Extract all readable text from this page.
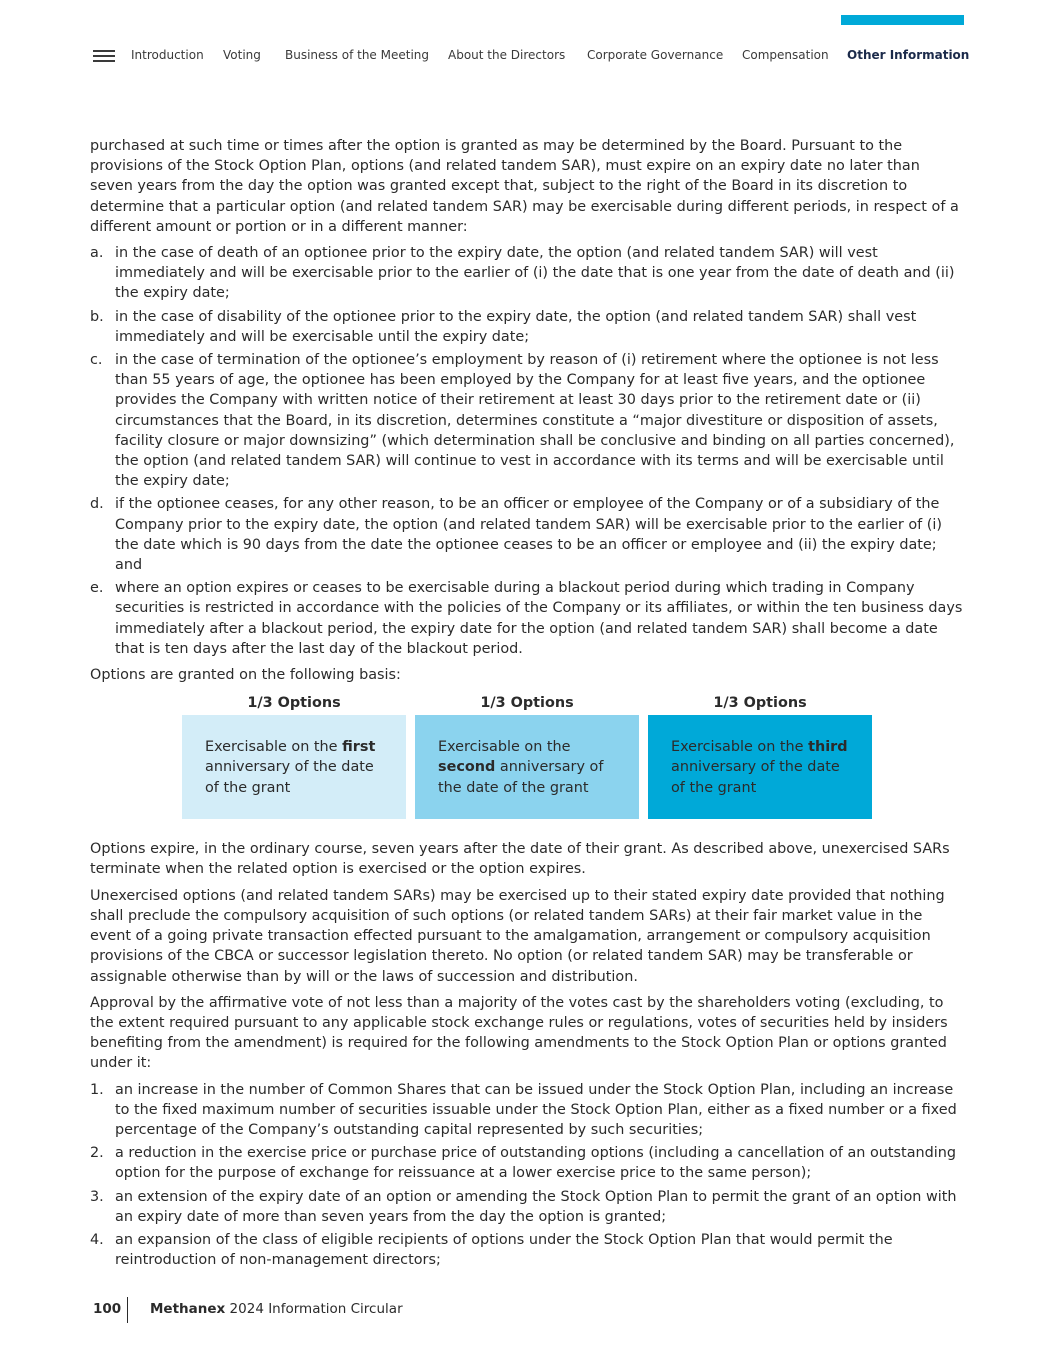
Introduction Voting Business of the Meeting About the Directors Corporate Governance Compensation Other Information

purchased at such time or times after the option is granted as may be determined by the Board. Pursuant to the provisions of the Stock Option Plan, options (and related tandem SAR), must expire on an expiry date no later than seven years from the day the option was granted except that, subject to the right of the Board in its discretion to determine that a particular option (and related tandem SAR) may be exercisable during different periods, in respect of a different amount or portion or in a different manner:

a. in the case of death of an optionee prior to the expiry date, the option (and related tandem SAR) will vest immediately and will be exercisable prior to the earlier of (i) the date that is one year from the date of death and (ii) the expiry date;
b. in the case of disability of the optionee prior to the expiry date, the option (and related tandem SAR) shall vest immediately and will be exercisable until the expiry date;
c. in the case of termination of the optionee’s employment by reason of (i) retirement where the optionee is not less than 55 years of age, the optionee has been employed by the Company for at least five years, and the optionee provides the Company with written notice of their retirement at least 30 days prior to the retirement date or (ii) circumstances that the Board, in its discretion, determines constitute a “major divestiture or disposition of assets, facility closure or major downsizing” (which determination shall be conclusive and binding on all parties concerned), the option (and related tandem SAR) will continue to vest in accordance with its terms and will be exercisable until the expiry date;
d. if the optionee ceases, for any other reason, to be an officer or employee of the Company or of a subsidiary of the Company prior to the expiry date, the option (and related tandem SAR) will be exercisable prior to the earlier of (i) the date which is 90 days from the date the optionee ceases to be an officer or employee and (ii) the expiry date; and
e. where an option expires or ceases to be exercisable during a blackout period during which trading in Company securities is restricted in accordance with the policies of the Company or its affiliates, or within the ten business days immediately after a blackout period, the expiry date for the option (and related tandem SAR) shall become a date that is ten days after the last day of the blackout period.

Options are granted on the following basis:

1/3 Options
Exercisable on the first anniversary of the date of the grant
1/3 Options
Exercisable on the second anniversary of the date of the grant
1/3 Options
Exercisable on the third anniversary of the date of the grant

Options expire, in the ordinary course, seven years after the date of their grant. As described above, unexercised SARs terminate when the related option is exercised or the option expires.

Unexercised options (and related tandem SARs) may be exercised up to their stated expiry date provided that nothing shall preclude the compulsory acquisition of such options (or related tandem SARs) at their fair market value in the event of a going private transaction effected pursuant to the amalgamation, arrangement or compulsory acquisition provisions of the CBCA or successor legislation thereto. No option (or related tandem SAR) may be transferable or assignable otherwise than by will or the laws of succession and distribution.

Approval by the affirmative vote of not less than a majority of the votes cast by the shareholders voting (excluding, to the extent required pursuant to any applicable stock exchange rules or regulations, votes of securities held by insiders benefiting from the amendment) is required for the following amendments to the Stock Option Plan or options granted under it:

1. an increase in the number of Common Shares that can be issued under the Stock Option Plan, including an increase to the fixed maximum number of securities issuable under the Stock Option Plan, either as a fixed number or a fixed percentage of the Company’s outstanding capital represented by such securities;
2. a reduction in the exercise price or purchase price of outstanding options (including a cancellation of an outstanding option for the purpose of exchange for reissuance at a lower exercise price to the same person);
3. an extension of the expiry date of an option or amending the Stock Option Plan to permit the grant of an option with an expiry date of more than seven years from the day the option is granted;
4. an expansion of the class of eligible recipients of options under the Stock Option Plan that would permit the reintroduction of non-management directors;
100 Methanex 2024 Information Circular
